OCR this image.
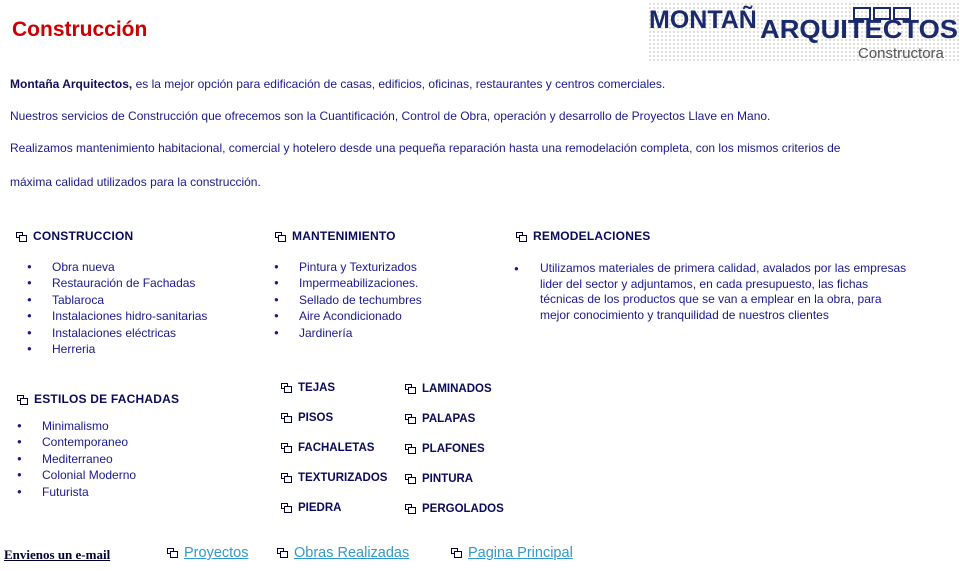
Construcción	MONTAÑ ARQUITECTOS
Constructora
Montaña Arquitectos, es la mejor opción para edificación de casas, edificios, oficinas, restaurantes y centros comerciales.
Nuestros servicios de Construcción que ofrecemos son la Cuantificación, Control de Obra, operación y desarrollo de Proyectos Llave en Mano.
Realizamos mantenimiento habitacional, comercial y hotelero desde una pequeña reparación hasta una remodelación completa, con los mismos criterios de
máxima calidad utilizados para la construcción.
CONSTRUCCION
● Obra nueva
● Restauración de Fachadas
● Tablaroca
● Instalaciones hidro-sanitarias
● Instalaciones eléctricas
● Herreria
MANTENIMIENTO
● Pintura y Texturizados
● Impermeabilizaciones.
● Sellado de techumbres
● Aire Acondicionado
● Jardinería
REMODELACIONES
● Utilizamos materiales de primera calidad, avalados por las empresas lider del sector y adjuntamos, en cada presupuesto, las fichas técnicas de los productos que se van a emplear en la obra, para mejor conocimiento y tranquilidad de nuestros clientes
ESTILOS DE FACHADAS
● Minimalismo
● Contemporaneo
● Mediterraneo
● Colonial Moderno
● Futurista
TEJAS
PISOS
FACHALETAS
TEXTURIZADOS
PIEDRA
LAMINADOS
PALAPAS
PLAFONES
PINTURA
PERGOLADOS
Envienos un e-mail	Proyectos	Obras Realizadas	Pagina Principal
